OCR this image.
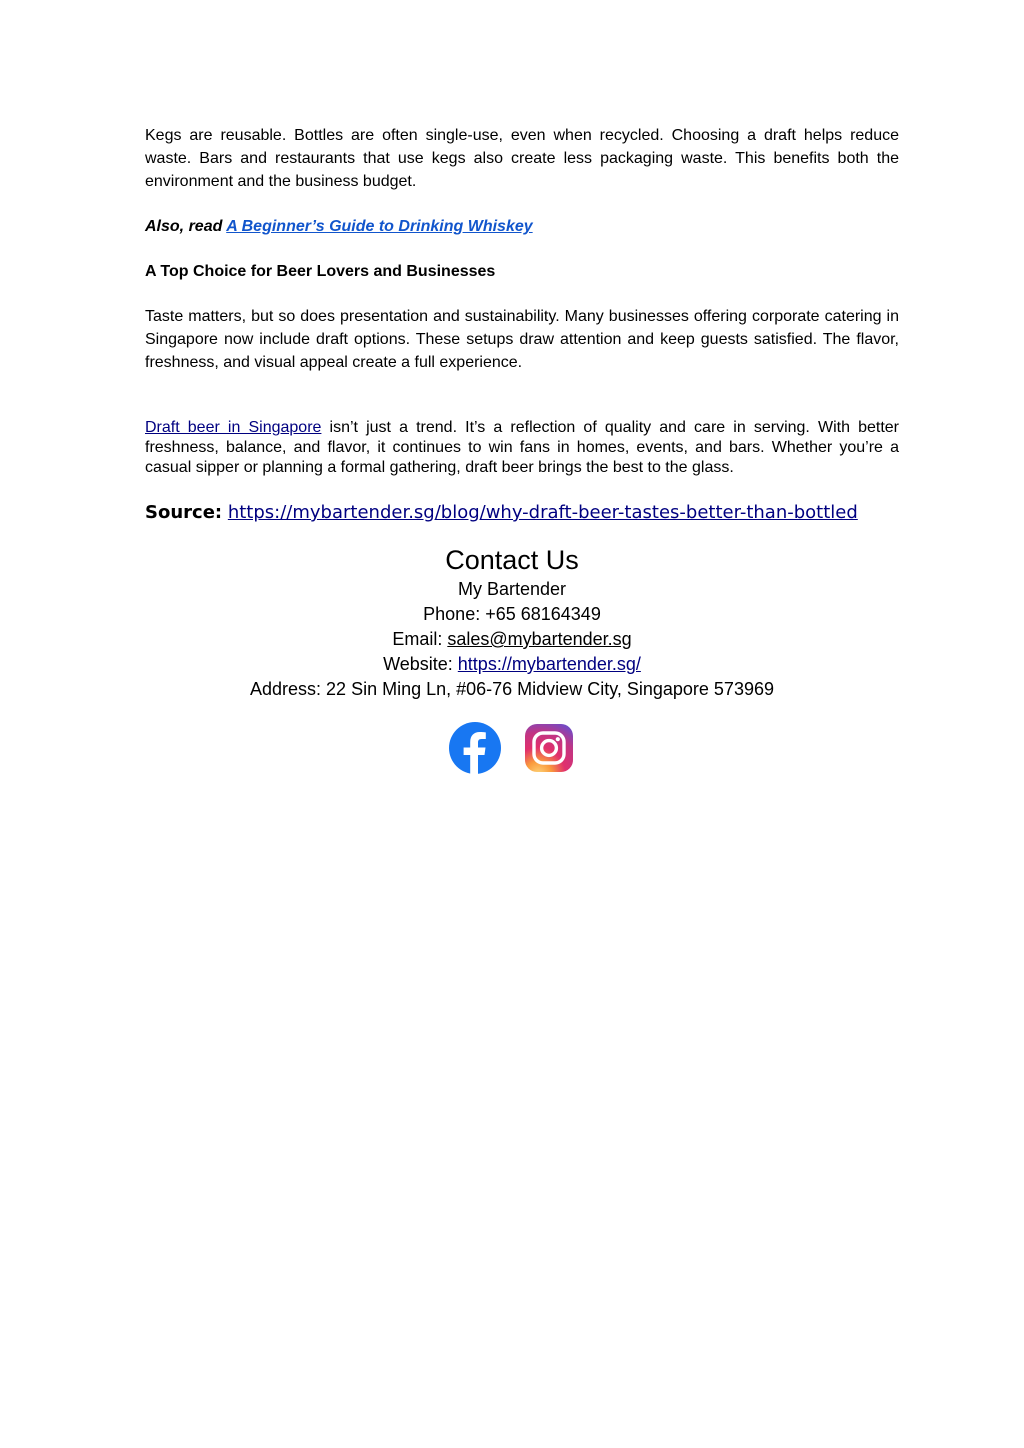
Kegs are reusable. Bottles are often single-use, even when recycled. Choosing a draft helps reduce waste. Bars and restaurants that use kegs also create less packaging waste. This benefits both the environment and the business budget.

Also, read A Beginner’s Guide to Drinking Whiskey

A Top Choice for Beer Lovers and Businesses

Taste matters, but so does presentation and sustainability. Many businesses offering corporate catering in Singapore now include draft options. These setups draw attention and keep guests satisfied. The flavor, freshness, and visual appeal create a full experience.

Draft beer in Singapore isn’t just a trend. It’s a reflection of quality and care in serving. With better freshness, balance, and flavor, it continues to win fans in homes, events, and bars. Whether you’re a casual sipper or planning a formal gathering, draft beer brings the best to the glass.

Source: https://mybartender.sg/blog/why-draft-beer-tastes-better-than-bottled

Contact Us
My Bartender
Phone: +65 68164349
Email: sales@mybartender.sg
Website: https://mybartender.sg/
Address: 22 Sin Ming Ln, #06-76 Midview City, Singapore 573969
